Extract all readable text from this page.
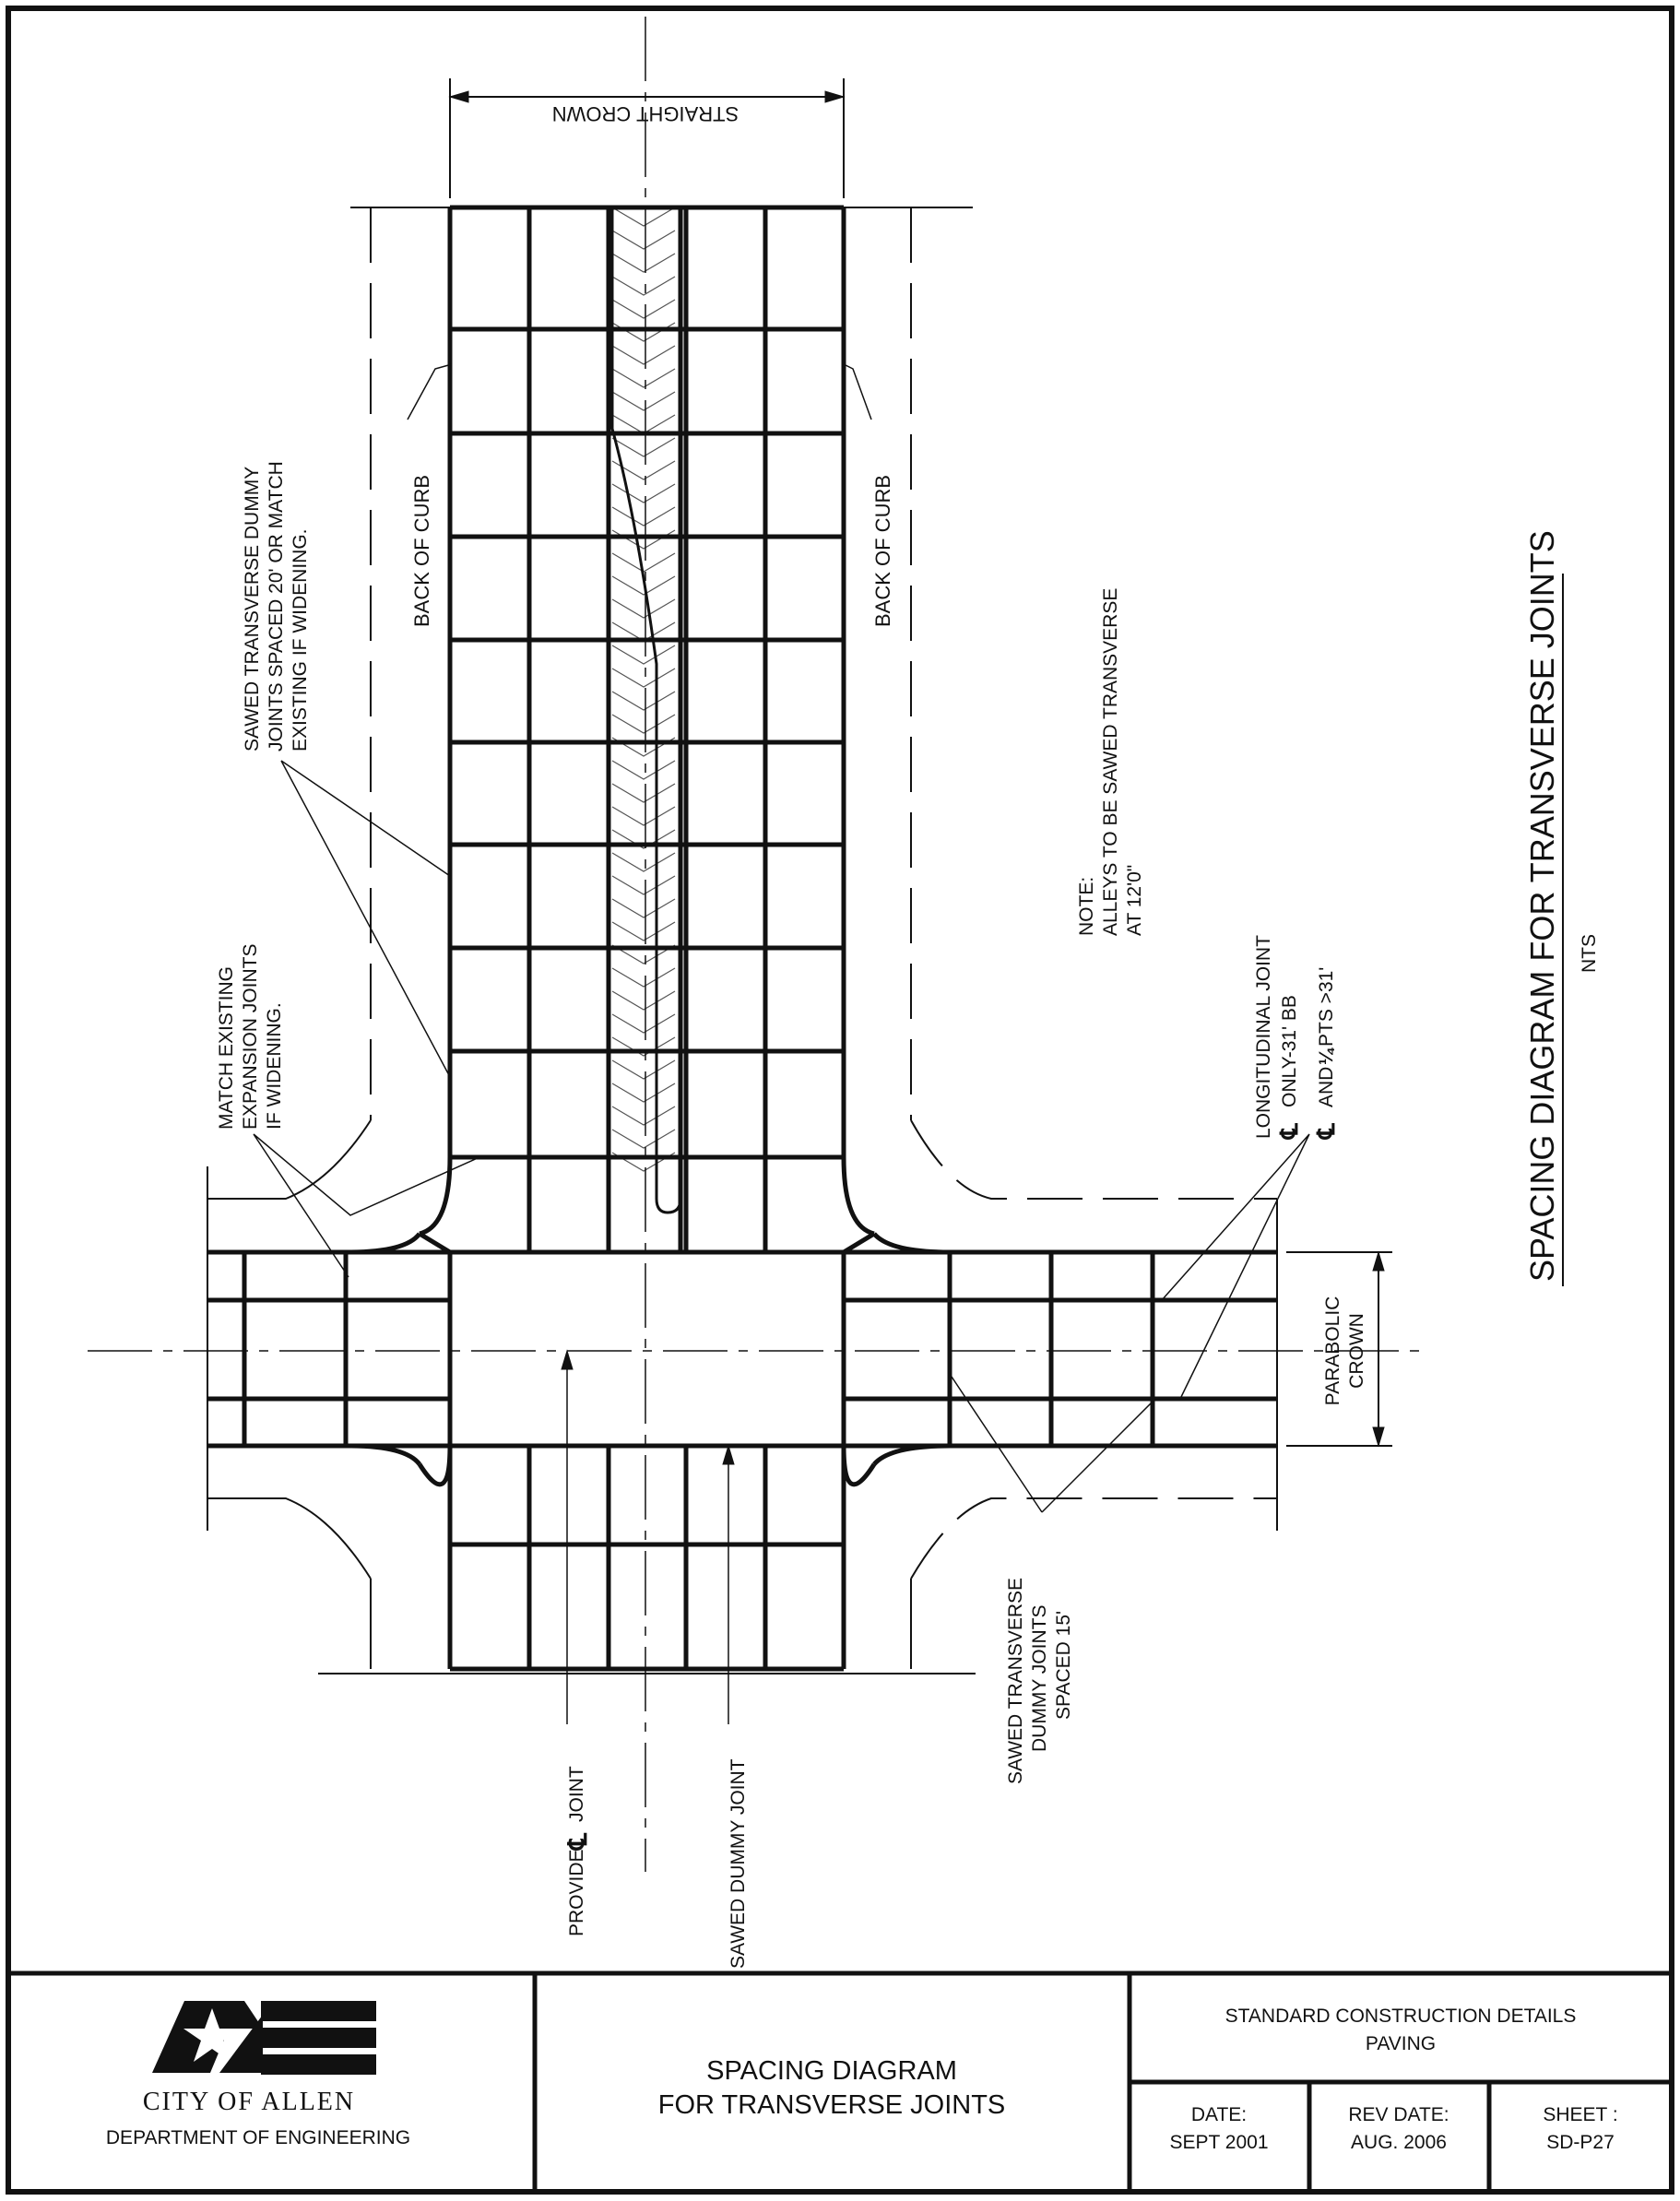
STRAIGHT CROWN
BACK OF CURB	BACK OF CURB
SAWED TRANSVERSE DUMMY JOINTS SPACED 20' OR MATCH EXISTING IF WIDENING.
MATCH EXISTING EXPANSION JOINTS IF WIDENING.
NOTE: ALLEYS TO BE SAWED TRANSVERSE AT 12'0"
LONGITUDINAL JOINT ℄
ONLY-31' BB
℄
AND
¼
PTS >31'
PARABOLIC CROWN
SAWED TRANSVERSE DUMMY JOINTS SPACED 15'
PROVIDE
℄
JOINT	SAWED DUMMY JOINT
SPACING DIAGRAM FOR TRANSVERSE JOINTS NTS
CITY OF ALLEN
DEPARTMENT OF ENGINEERING
SPACING DIAGRAM
FOR TRANSVERSE JOINTS
STANDARD CONSTRUCTION DETAILS
PAVING
DATE:
SEPT 2001
REV DATE:
AUG. 2006
SHEET :
SD-P27
